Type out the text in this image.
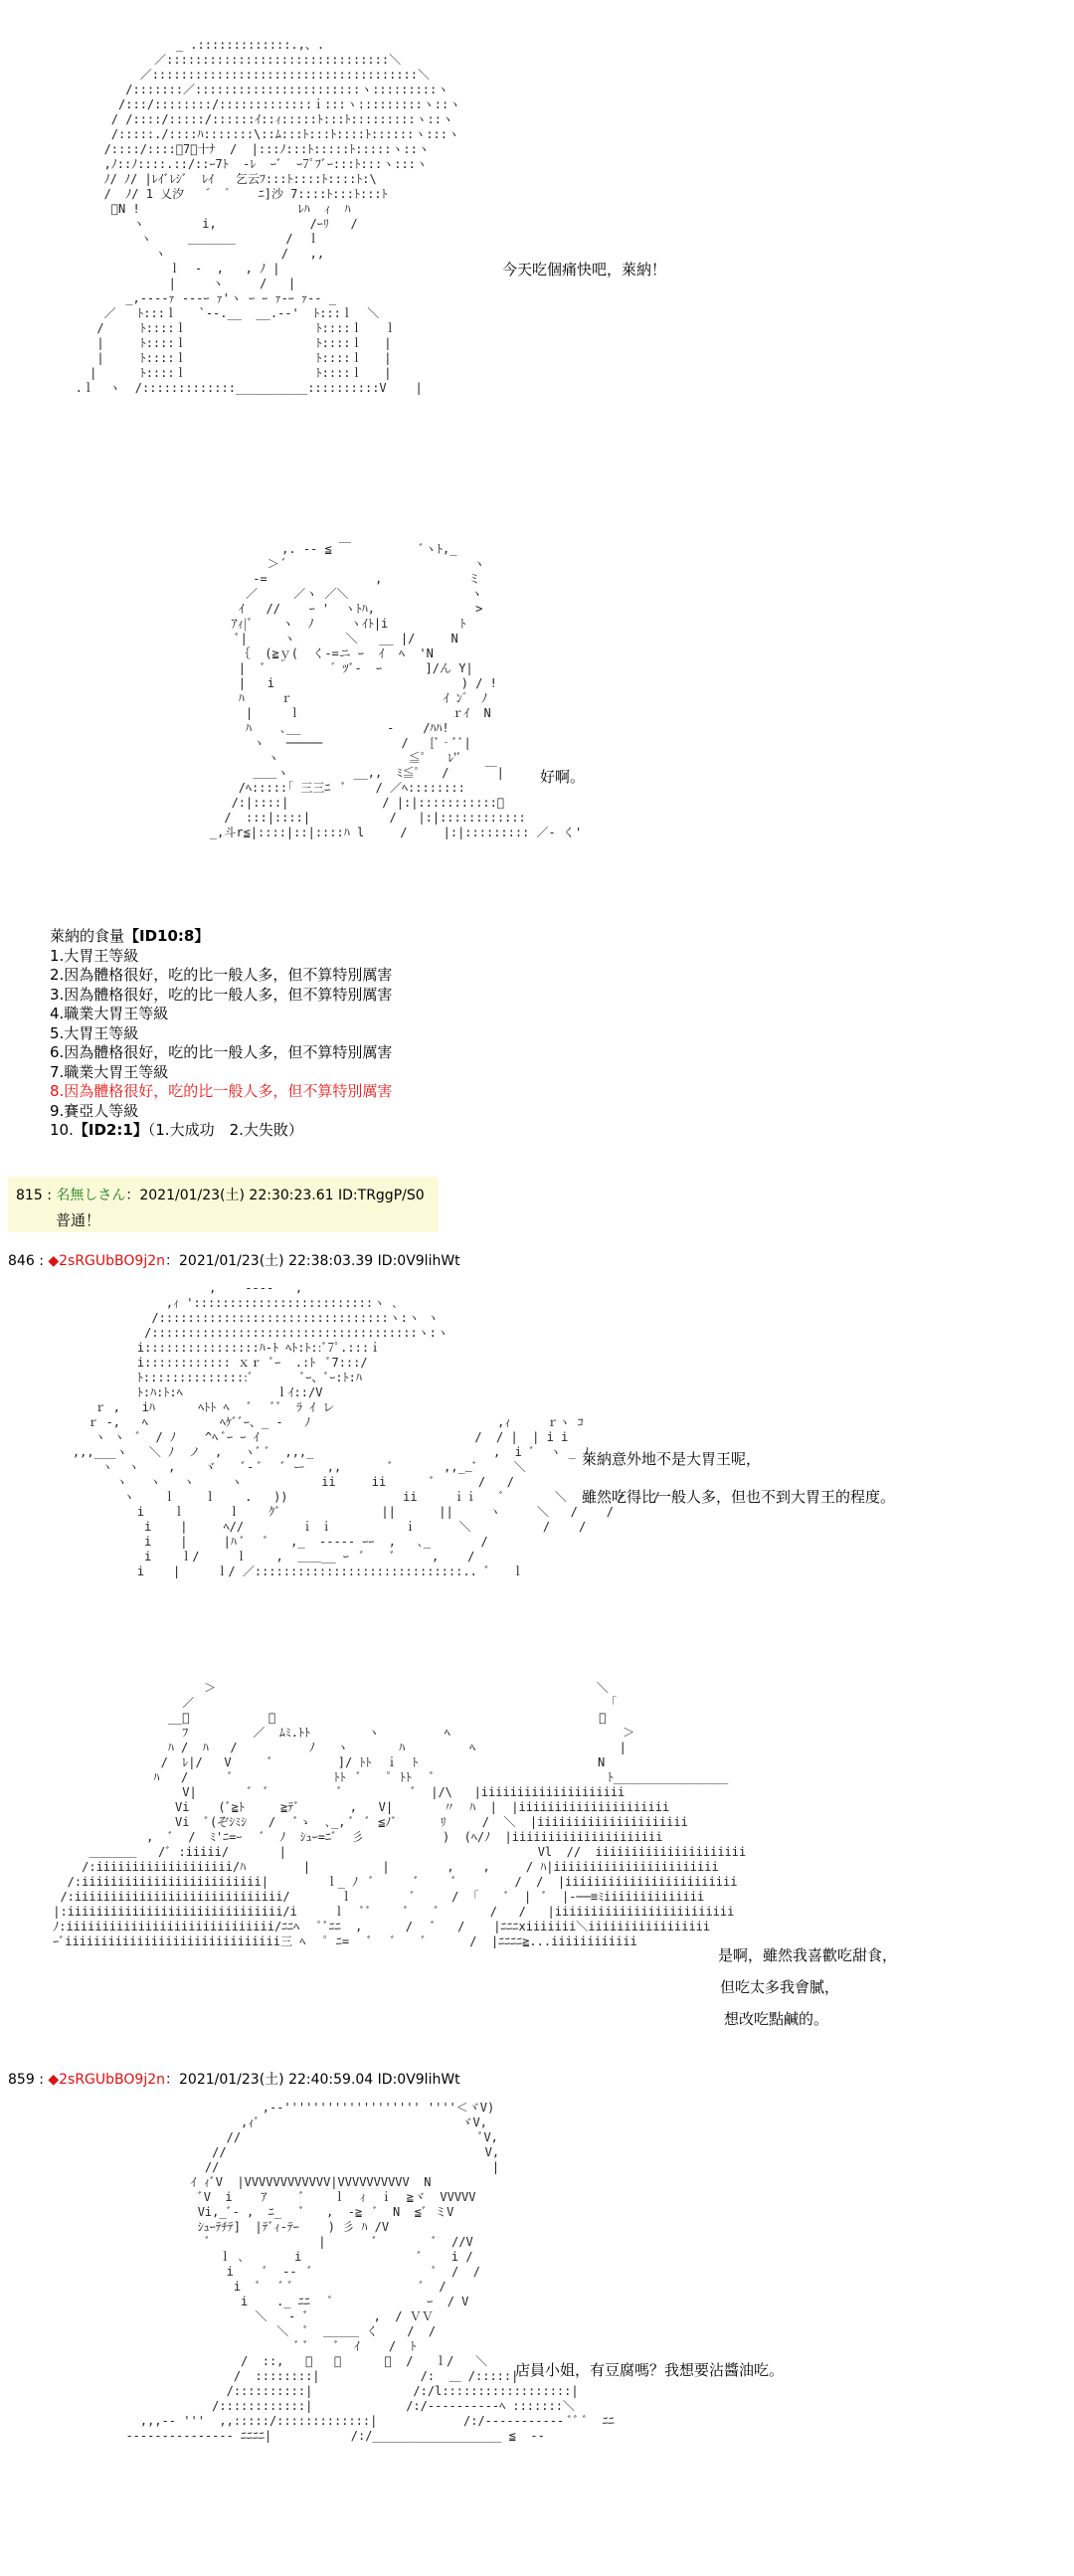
_ .:::::::::::::.,、.
／:::::::::::::::::::::::::::::::＼
／:::::::::::::::::::::::::::::::::::::＼
/:::::::／:::::::::::::::::::::::ヽ:::::::::ヽ
/:::/::::::::/:::::::::::::ｉ:::ヽ:::::::::ヽ::ヽ
/ /::::/:::::/::::::ｲ::ｨ:::::ﾄ:::ﾄ:::::::::ヽ::ヽ
/:::::./::::ﾊ:::::::\::ﾑ:::ﾄ:::ﾄ::::ﾄ::::::ヽ:::ヽ
/::::/::::ﾞ7ｰ十ﾅ  /  |:::ﾉ:::ﾄ:::::ﾄ:::::ヽ::ヽ
,ﾉ::ﾉ::::.::/::ｰ7ﾄ  -ﾚ  ｰﾞ  ｰ7ﾟﾌﾞｰ:::ﾄ:::ヽ:::ヽ
ﾉ/ ﾉ/ |ﾚｲﾞﾚｼﾞ  ﾚｲ   乞云ﾌ:::ﾄ::::ﾄ::::ﾄ:\
/  ﾉ/ 1 乂汐   ゛ ゛   ﾆ]沙 7::::ﾄ:::ﾄ:::ﾄ
ﾞN !                      ﾚﾊ  ｨ  ﾊ
ヽ        i,             /ｰﾘ   /
ヽ     ＿＿＿＿       /  ｌ
ヽ                /   ,,
ｌ  -  ,   , ﾉ |
|     ヽ     /   |
_,---‐ｧ ---ｰ ｧ'ヽ ｰ ｰ ｧ-ｰ ｧ-- _
／   ﾄ:::ｌ   `‐-.__  __.-‐'  ﾄ:::ｌ  ＼
/     ﾄ::::ｌ                  ﾄ::::ｌ   ｌ
|     ﾄ::::ｌ                  ﾄ::::ｌ   |
|     ﾄ::::ｌ                  ﾄ::::ｌ   |
|      ﾄ::::ｌ                  ﾄ::::ｌ   |
.ｌ  ヽ  /:::::::::::::__________::::::::::V    |
今天吃個痛快吧，萊納！
,. -‐ ≦ ￣          ﾞヽﾄ,_
＞´                          ヽ
-=               ,            ミ
／     ／ヽ ／＼                 ヽ
ｲ   //    ｰ '  ヽﾄﾊ,              >
ｱｨ|ﾞ    ヽ  ﾉ     ヽｲﾄ|i          ﾄ
ﾞ|     ヽ       ＼   __ |/     N
｛  (≧ｙ(  く-=ニ ｰ  ｲ  ﾍ  'N
|  ﾞ         ゛ﾂﾞ-  ｰ      ]/ん Y|
|   i                          ) / !
ﾊ     ｒ                     ｲ ﾝ゛ ﾉ
|     ｌ                     ｒｲ  N
ﾊ    ､__            ‐    /ﾊﾊ!
ヽ   ─────           /   [ﾞ‐ﾞﾞ|
ヽ                  ≦ﾟ   ﾚ'ﾞ
＿＿ヽ         __,,  ﾐ≦ﾟ   /     ￣|
/ﾍ:::::｢ 三三ﾆ  ﾞ    / ／ﾍ::::::::
/:|::::|             / |:|:::::::::::ﾞ
/  :::|::::|           /   |:|::::::::::::
_,斗r≦|::::|::|::::ﾊ l     /     |:|::::::::: ／‐ く'
好啊。
萊納的食量【ID10:8】
1.大胃王等級
2.因為體格很好，吃的比一般人多，但不算特別厲害
3.因為體格很好，吃的比一般人多，但不算特別厲害
4.職業大胃王等級
5.大胃王等級
6.因為體格很好，吃的比一般人多，但不算特別厲害
7.職業大胃王等級
8.因為體格很好，吃的比一般人多，但不算特別厲害
9.賽亞人等級
10.【ID2:1】（1.大成功　2.大失敗）
815 : 名無しさん：2021/01/23(土) 22:30:23.61 ID:TRggP/S0
普通！
846 : ◆2sRGUbBO9j2n：2021/01/23(土) 22:38:03.39 ID:0V9lihWt
,    ‐‐‐‐   ,
,ｨ ':::::::::::::::::::::::::ヽ ､
/::::::::::::::::::::::::::::::::ヽ:ヽ ヽ
/:::::::::::::::::::::::::::::::::::::ヽ:ヽ
i::::::::::::::::ﾊ-ﾄ ﾍﾄ:ﾄ::ﾞ7ﾟ.:::ｉ
i:::::::::::: ｘｒ ﾞｰ  .:ﾄ  ﾞ7:::/
ﾄ:::::::::::::::ﾞ       ﾞｰ、ﾞｰ:ﾄ:ﾊ
ﾄ:ﾊ:ﾄ:ﾍ             ｌｲ::/V
ｒ ,   iﾊ      ﾍﾄﾄ ﾍ   ﾞ   ﾞﾞ  ﾗ ｲ レ
ｒ ‐,   ﾍ          ﾍｹﾞﾞｰ、_ ‐   ﾉ                          ,ｨ     ｒヽ ｺ
ヽ ヽ  ﾞ  / ﾉ    ^ﾍ ﾞｰ ｰ ｲ                              /  / |  | i i
,,,___ヽ   ＼ ﾉ  ノ  ,   ヽﾞ ﾞ  ,,,_                         ,  i ﾞ  ヽ _ ﾉ
ヽ  ヽ    ,    ヾ    ﾞ- ﾞ   ﾞ ー   ,,       ﾞ       ,,__ﾞ     ＼
ヽ   ヽ   ヽ     ヽ           ii     ii      ﾞ      /   /
ヽ    ｌ    ｌ    .   ))                ii     ｉｉ   ﾞ       ＼       /    /
i    ｌ      ｌ    ｸﾞ              ||      ||     ヽ     ＼   /    /
i    |     ﾍ//        ｉ ｉ          ｉ      ＼          /    /
i    |     |ﾊ ﾞ   ﾞ   ,_  ---‐‐ ｰｰ  ,   ､_       /
i    ｌ/     ｌ    ,  ＿＿__ ｰ  ﾞ    ﾞ     ,    /
i    |     ｌ/ ／:::::::::::::::::::::::::::::.. ﾞ   ｌ
萊納意外地不是大胃王呢，
雖然吃得比一般人多，但也不到大胃王的程度。
＞                                                     ＼
／                                                          ｢
__ﾞ           ／                                             ＼
ﾌ         ／  ﾑﾐ.ﾄﾄ        ヽ         ﾍ                        ＞
ﾊ /  ﾊ   /          ﾉ   ヽ       ﾊ         ﾍ                    |
/  ﾚ|/   V     ﾞ         ]/ ﾄﾄ  ｉ  ﾄ                         N
ﾊ   /      ﾞ              ﾄﾄ  ﾞ    ﾟ ﾄﾄ   ﾞ                        ﾄ________________
V|       ﾞ  ﾞ          ﾞ          ﾞ  |/\   |iiiiiiiiiiiiiiiiiiii
Vi    (ﾞ≧ﾄ     ≧ﾃﾞ       ,   V|       〃  ﾊ  |  |iiiiiiiiiiiiiiiiiiiii
Vi  ﾞ(ぞｼﾐｼ   /   ﾞゝ  ､_, ﾞ  ﾞ ≦ﾉﾞ      ﾘ     /  ＼  |iiiiiiiiiiiiiiiiiiiii
,  ﾞ  /  ﾐ'ﾆ=ｰ   ﾞ  ﾉ  ｼｭｰ=ﾆﾞ  彡           )  (ﾍ/ﾉ  |iiiiiiiiiiiiiiiiiiiii
＿＿＿＿   /ﾞ :iiiii/       |                                   Vl  //  iiiiiiiiiiiiiiiiiiiii
/:iiiiiiiiiiiiiiiiiii/ﾊ        |          |        ,    ,     / ﾊ|iiiiiiiiiiiiiiiiiiiiiii
/:iiiiiiiiiiiiiiiiiiiiiiiii|        ｌ_ ﾉ  ﾞ      ﾞ     ﾞ        /  /  |iiiiiiiiiiiiiiiiiiiiiiii
/:iiiiiiiiiiiiiiiiiiiiiiiiiiiii/       ｌ        ﾞ     /  ｢    ﾞ  |  ﾞ  |‐──≡ﾐiiiiiiiiiiiiii
|:iiiiiiiiiiiiiiiiiiiiiiiiiiiiii/i     ｌ  ﾞﾞ     ﾞ    ﾞ       /   /   |iiiiiiiiiiiiiiiiiiiiiiiii
ﾉ:iiiiiiiiiiiiiiiiiiiiiiiiiiiii/ﾆﾆﾍ   ﾟﾞﾆﾆ  ,      /   ﾞ   /    |ﾆﾆﾆxiiiiiii＼iiiiiiiiiiiiiiiii
ｰﾞiiiiiiiiiiiiiiiiiiiiiiiiiiiiii三 ﾍ   ﾟ ﾆ=   ﾞ   ﾞ    ﾞ      /  |ﾆﾆﾆﾆ≧...iiiiiiiiiiii
是啊，雖然我喜歡吃甜食，
但吃太多我會膩，
想改吃點鹹的。
859 : ◆2sRGUbBO9j2n：2021/01/23(土) 22:40:59.04 ID:0V9lihWt
,-‐''''''''''''''''''' ''''＜ヾV)
,ｨﾞ                            ヾV,
//                                 ﾞV,
//                                    V,
//                                      |
ｲ ｨﾞV  |VVVVVVVVVVVV|VVVVVVVVVV  N
ﾞV  i    ｱ     ﾞ    ｌ  ｨ  ｉ  ≧ヾ  VVVVV
Vi,_ﾞ‐ ,  ﾆ_   ﾞ   ,  ‐≧  ﾞ  N  ≦ﾞ ミV
ｼｭｰﾃﾁﾃ]  |ﾃﾞｨ-ﾃｰ    ) 彡 ﾊ /V
ﾞ               |       ﾞ        ﾞ  //V
ｌ ､       i                ﾞ    i /
i    ﾞ  --  ﾞ                 ﾞ  /  /
i  ﾞ   ﾞ ﾞ                  ﾞ  /
i    ._ ﾆﾆ   ﾞ             ｰ  / V
＼   ‐ ﾞ         ,  / ＶＶ
＼  ﾞ  ＿＿＿ く    /  /
ﾞ ﾞ    ﾞ  ｲ    /  ﾄ
/  ::,   ﾞ   ﾞ      ﾞ  /   ｌ/   ＼
/  ::::::::|              /:  ＿ /:::::|
/::::::::::|              /:/l::::::::::::::::::|
/::::::::::::|             /:/‐‐‐‐‐‐‐‐‐‐ﾍ :::::::＼
,,,‐‐ '''  ,,:::::/:::::::::::::|            /:/‐‐‐‐‐‐‐‐‐‐‐ ﾞﾞ ﾞ  ﾆﾆ
‐‐‐‐‐‐‐‐‐‐‐‐‐‐‐ ﾆﾆﾆﾆ|           /:/__________________ ≦  ‐‐
店員小姐，有豆腐嗎？我想要沾醬油吃。
